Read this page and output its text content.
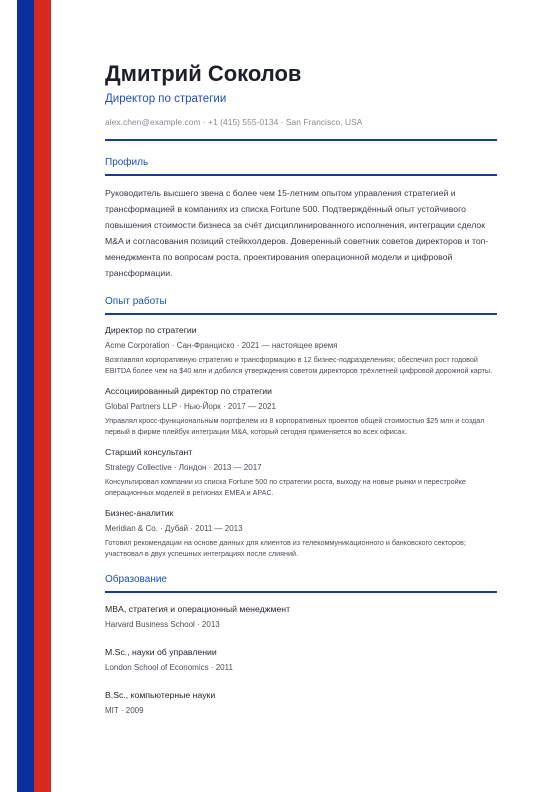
Дмитрий Соколов
Директор по стратегии
alex.chen@example.com · +1 (415) 555-0134 · San Francisco, USA
Профиль
Руководитель высшего звена с более чем 15-летним опытом управления стратегией и трансформацией в компаниях из списка Fortune 500. Подтверждённый опыт устойчивого повышения стоимости бизнеса за счёт дисциплинированного исполнения, интеграции сделок M&A и согласования позиций стейкхолдеров. Доверенный советник советов директоров и топ-менеджмента по вопросам роста, проектирования операционной модели и цифровой трансформации.
Опыт работы
Директор по стратегии
Acme Corporation · Сан-Франциско · 2021 — настоящее время
Возглавлял корпоративную стратегию и трансформацию в 12 бизнес-подразделениях; обеспечил рост годовой EBITDA более чем на $40 млн и добился утверждения советом директоров трёхлетней цифровой дорожной карты.
Ассоциированный директор по стратегии
Global Partners LLP · Нью-Йорк · 2017 — 2021
Управлял кросс-функциональным портфелем из 8 корпоративных проектов общей стоимостью $25 млн и создал первый в фирме плейбук интеграции M&A, который сегодня применяется во всех офисах.
Старший консультант
Strategy Collective · Лондон · 2013 — 2017
Консультировал компании из списка Fortune 500 по стратегии роста, выходу на новые рынки и перестройке операционных моделей в регионах EMEA и APAC.
Бизнес-аналитик
Meridian & Co. · Дубай · 2011 — 2013
Готовил рекомендации на основе данных для клиентов из телекоммуникационного и банковского секторов; участвовал в двух успешных интеграциях после слияний.
Образование
MBA, стратегия и операционный менеджмент
Harvard Business School · 2013
M.Sc., науки об управлении
London School of Economics · 2011
B.Sc., компьютерные науки
MIT · 2009
